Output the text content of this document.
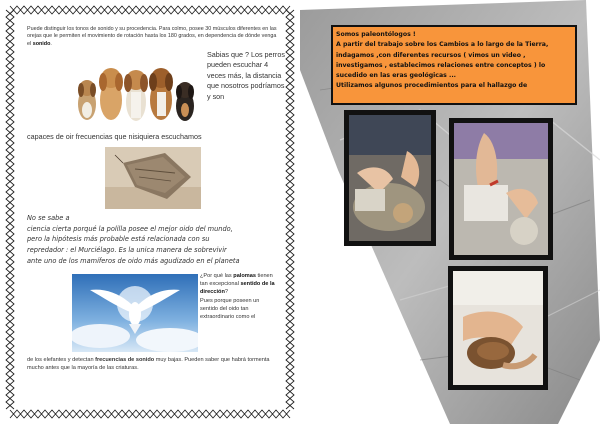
Puede distinguir los tonos de sonido y su procedencia. Para colmo, posee 30 músculos diferentes en las orejas que le permiten el movimiento de rotación hasta los 180 grados, en dependencia de dónde venga el sonido.

Sabias que ? Los perros pueden escuchar 4 veces más, la distancia que nosotros podríamos y son

capaces de oir frecuencias que nisiquiera escuchamos

No se sabe a

ciencia cierta porqué la polilla posee el mejor oido del mundo,

pero la hipótesis más probable está relacionada con su

repredador : el Murciélago. Es la unica manera de sobrevivir

ante uno de los mamíferos de oido más agudizado en el planeta

¿Por qué las palomas tienen tan excepcional sentido de la dirección?
Pues porque poseen un sentido del oido tan extraordinario como el

de los elefantes y detectan frecuencias de sonido muy bajas. Pueden saber que habrá tormenta mucho antes que la mayoría de las criaturas.

Somos paleontólogos !
A partir del trabajo sobre los Cambios a lo largo de la Tierra,
indagamos ,con diferentes recursos ( vimos un video ,
investigamos , establecimos relaciones entre conceptos ) lo
sucedido en las eras geológicas ...
Utilizamos algunos procedimientos para el hallazgo de
